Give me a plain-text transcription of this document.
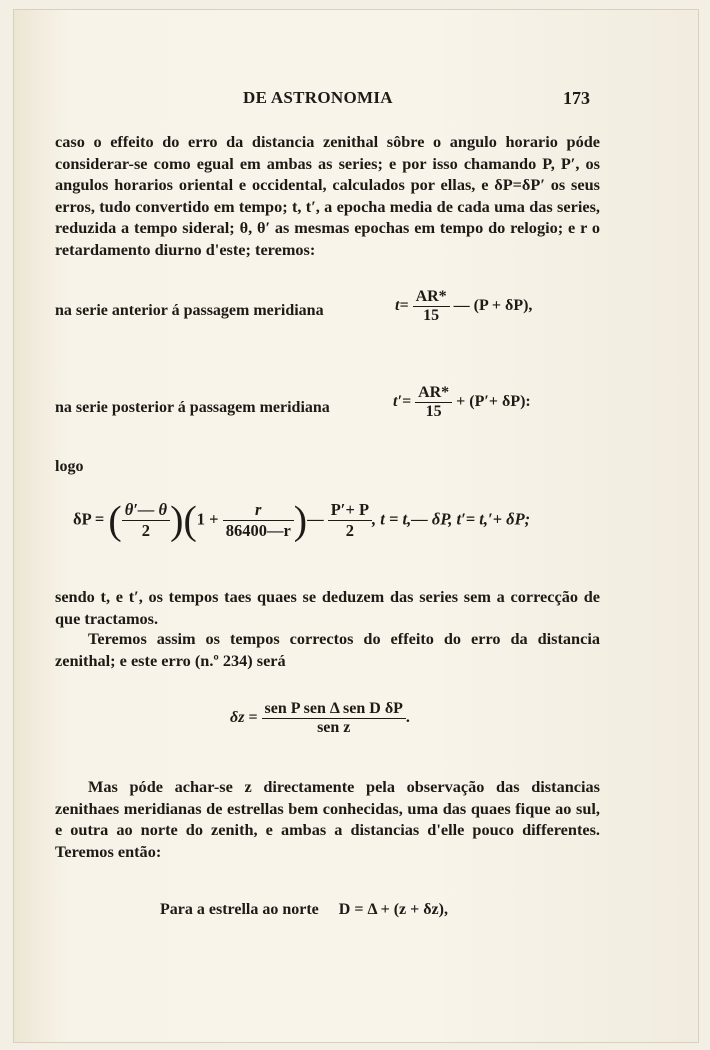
DE ASTRONOMIA	173
caso o effeito do erro da distancia zenithal sôbre o angulo horario póde considerar-se como egual em ambas as series; e por isso chamando P, P′, os angulos horarios oriental e occidental, calculados por ellas, e δP=δP′ os seus erros, tudo convertido em tempo; t, t′, a epocha media de cada uma das series, reduzida a tempo sideral; θ, θ′ as mesmas epochas em tempo do relogio; e r o retardamento diurno d'este; teremos:
na serie anterior á passagem meridiana	$t= \frac{AR*}{15}$ — (P + δP),
na serie posterior á passagem meridiana	$t'= \frac{AR*}{15} + (P'+ \delta P)$:
logo
δP = ( $\frac{\theta'— \theta}{2} )(1 + \frac{r}{86400—r}$ )— $\frac{P'+ P}{2}$ , t = t,— δP, t′= t,′+ δP;
sendo t, e t′, os tempos taes quaes se deduzem das series sem a correcção de que tractamos.
Teremos assim os tempos correctos do effeito do erro da distancia zenithal; e este erro (n.º 234) será
$\delta z = \frac{\text{sen P sen Δ sen D δP}}{\text{sen z}}$ .
Mas póde achar-se z directamente pela observação das distancias zenithaes meridianas de estrellas bem conhecidas, uma das quaes fique ao sul, e outra ao norte do zenith, e ambas a distancias d'elle pouco differentes. Teremos então:
Para a estrella ao norte D = Δ + (z + δz),
